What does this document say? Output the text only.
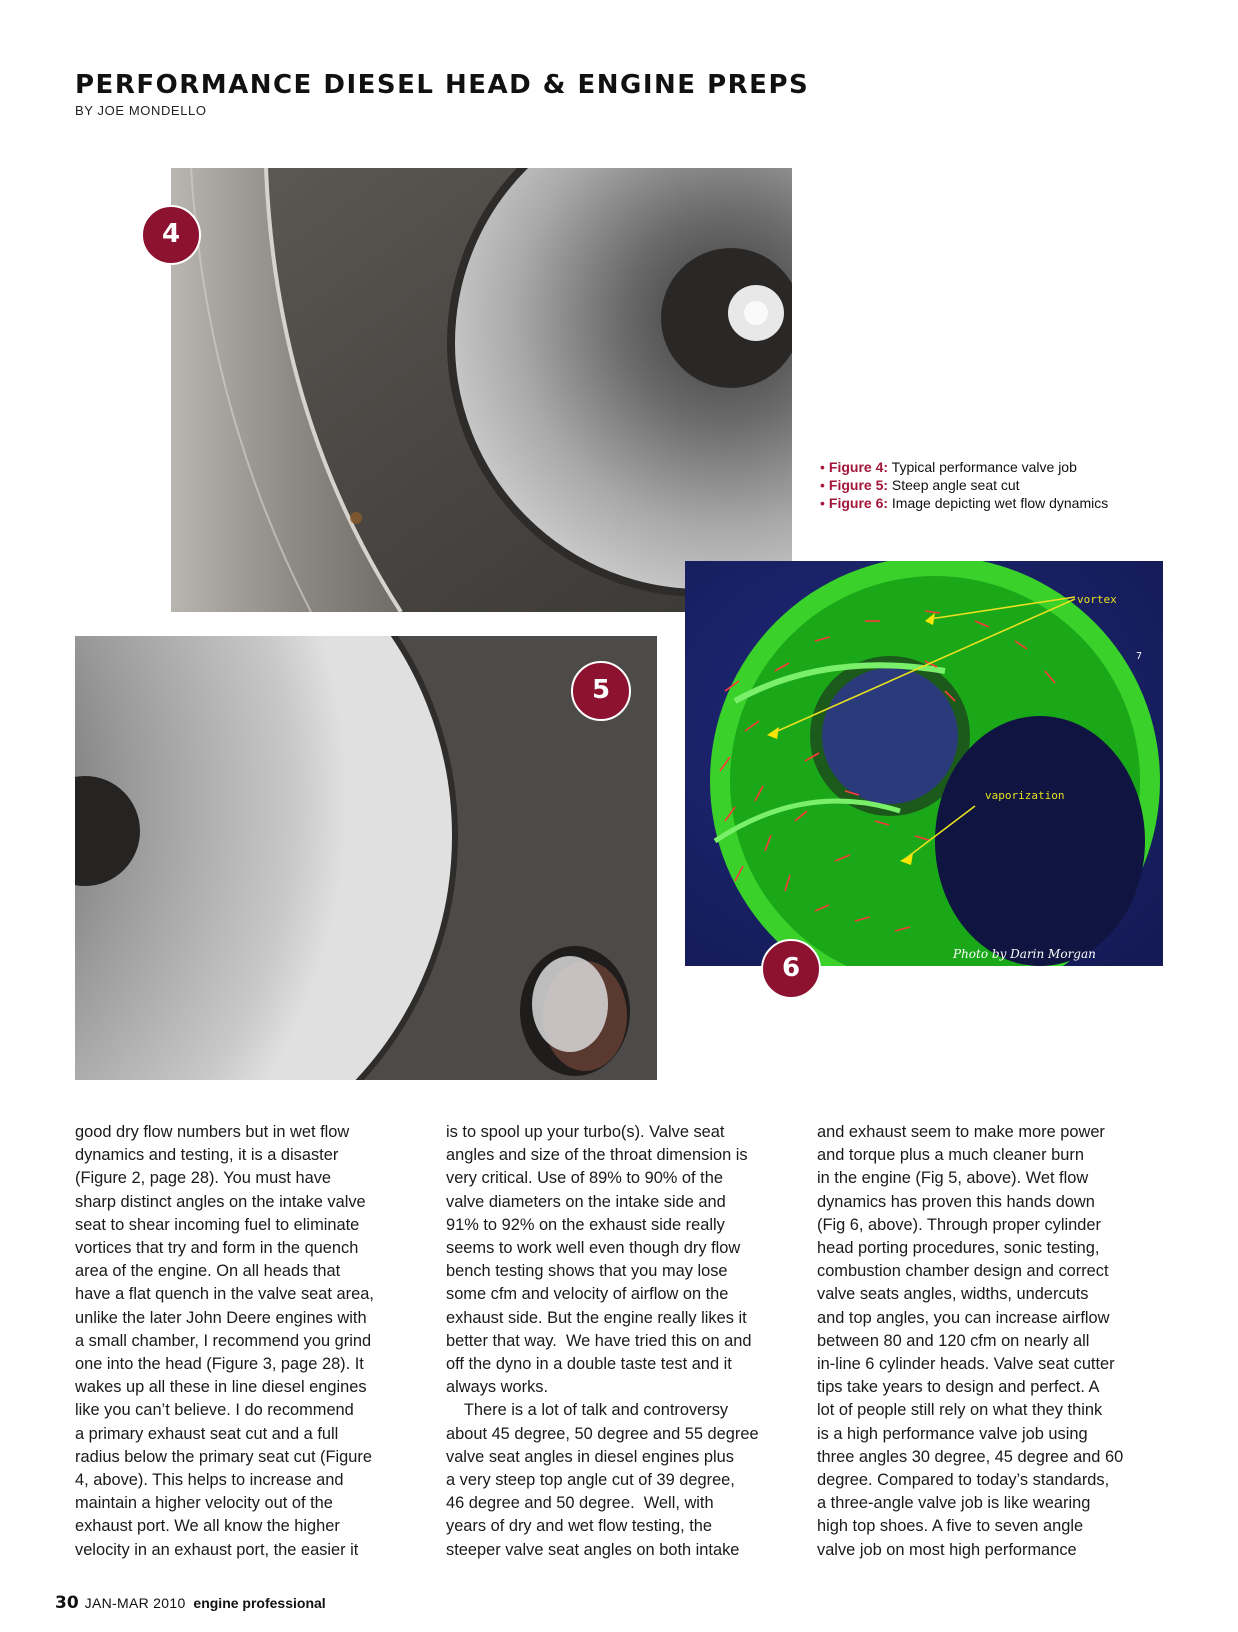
PERFORMANCE DIESEL HEAD & ENGINE PREPS
BY JOE MONDELLO
vortex
vaporization
7
Photo by Darin Morgan
4
5
6
• Figure 4: Typical performance valve job
• Figure 5: Steep angle seat cut
• Figure 6: Image depicting wet flow dynamics

good dry flow numbers but in wet flow

dynamics and testing, it is a disaster

(Figure 2, page 28). You must have

sharp distinct angles on the intake valve

seat to shear incoming fuel to eliminate

vortices that try and form in the quench

area of the engine. On all heads that

have a flat quench in the valve seat area,

unlike the later John Deere engines with

a small chamber, I recommend you grind

one into the head (Figure 3, page 28). It

wakes up all these in line diesel engines

like you can’t believe. I do recommend

a primary exhaust seat cut and a full

radius below the primary seat cut (Figure

4, above). This helps to increase and

maintain a higher velocity out of the

exhaust port. We all know the higher

velocity in an exhaust port, the easier it

is to spool up your turbo(s). Valve seat

angles and size of the throat dimension is

very critical. Use of 89% to 90% of the

valve diameters on the intake side and

91% to 92% on the exhaust side really

seems to work well even though dry flow

bench testing shows that you may lose

some cfm and velocity of airflow on the

exhaust side. But the engine really likes it

better that way.  We have tried this on and

off the dyno in a double taste test and it

always works.

There is a lot of talk and controversy

about 45 degree, 50 degree and 55 degree

valve seat angles in diesel engines plus

a very steep top angle cut of 39 degree,

46 degree and 50 degree.  Well, with

years of dry and wet flow testing, the

steeper valve seat angles on both intake

and exhaust seem to make more power

and torque plus a much cleaner burn

in the engine (Fig 5, above). Wet flow

dynamics has proven this hands down

(Fig 6, above). Through proper cylinder

head porting procedures, sonic testing,

combustion chamber design and correct

valve seats angles, widths, undercuts

and top angles, you can increase airflow

between 80 and 120 cfm on nearly all

in-line 6 cylinder heads. Valve seat cutter

tips take years to design and perfect. A

lot of people still rely on what they think

is a high performance valve job using

three angles 30 degree, 45 degree and 60

degree. Compared to today’s standards,

a three-angle valve job is like wearing

high top shoes. A five to seven angle

valve job on most high performance

30 JAN-MAR 2010 engine professional
